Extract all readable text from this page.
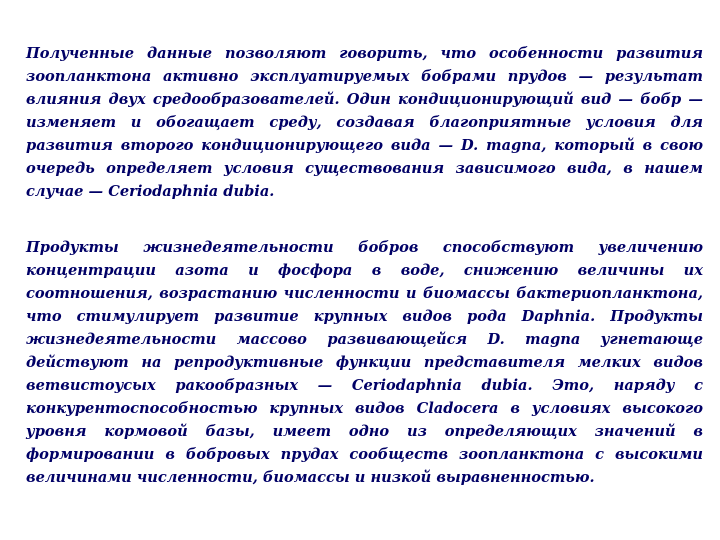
Полученные данные позволяют говорить, что особенности развития зоопланктона активно эксплуатируемых бобрами прудов — результат влияния двух средообразователей. Один кондиционирующий вид — бобр — изменяет и обогащает среду, создавая благоприятные условия для развития второго кондиционирующего вида — D. magna, который в свою очередь определяет условия существования зависимого вида, в нашем случае — Ceriodaphnia dubia.

Продукты жизнедеятельности бобров способствуют увеличению концентрации азота и фосфора в воде, снижению величины их соотношения, возрастанию численности и биомассы бактериопланктона, что стимулирует развитие крупных видов рода Daphnia. Продукты жизнедеятельности массово развивающейся D. magna угнетающе действуют на репродуктивные функции представителя мелких видов ветвистоусых ракообразных — Ceriodaphnia dubia. Это, наряду с конкурентоспособностью крупных видов Cladocera в условиях высокого уровня кормовой базы, имеет одно из определяющих значений в формировании в бобровых прудах сообществ зоопланктона с высокими величинами численности, биомассы и низкой выравненностью.
